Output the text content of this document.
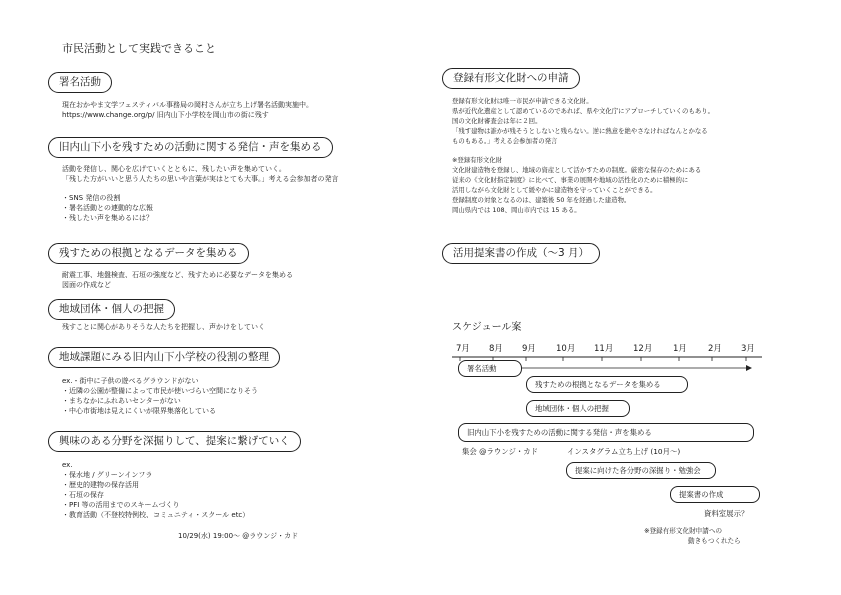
市民活動として実践できること
署名活動
現在おかやま文学フェスティバル事務局の岡村さんが立ち上げ署名活動実施中。
https://www.change.org/p/ 旧内山下小学校を岡山市の街に残す
旧内山下小を残すための活動に関する発信・声を集める
活動を発信し、関心を広げていくとともに、残したい声を集めていく。
「残した方がいいと思う人たちの思いや言葉が実はとても大事。」考える会参加者の発言
・SNS 発信の役割
・署名活動との連動的な広報
・残したい声を集めるには？
残すための根拠となるデータを集める
耐震工事、地盤検査、石垣の強度など、残すために必要なデータを集める
図面の作成など
地域団体・個人の把握
残すことに関心がありそうな人たちを把握し、声かけをしていく
地域課題にみる旧内山下小学校の役割の整理
ex.・街中に子供の遊べるグラウンドがない
・近隣の公園が整備によって市民が使いづらい空間になりそう
・まちなかにふれあいセンターがない
・中心市街地は見えにくいが限界集落化している
興味のある分野を深掘りして、提案に繋げていく
ex.
・保水地 / グリーンインフラ
・歴史的建物の保存活用
・石垣の保存
・PFI 等の活用までのスキームづくり
・教育活動（不登校特例校、コミュニティ・スクール etc）
10/29(水) 19:00～ @ラウンジ・カド
登録有形文化財への申請
登録有形文化財は唯一市民が申請できる文化財。
県が近代化遺産として認めているのであれば、県や文化庁にアプローチしていくのもあり。
国の文化財審査会は年に２回。
「残す建物は誰かが残そうとしないと残らない。逆に熱意を絶やさなければなんとかなる
ものもある。」考える会参加者の発言
※登録有形文化財
文化財建造物を登録し、地域の資産として活かすための制度。厳密な保存のためにある
従来の《文化財指定制度》に比べて、事業の展開や地域の活性化のために積極的に
活用しながら文化財として緩やかに建造物を守っていくことができる。
登録制度の対象となるのは、建築後 50 年を経過した建造物。
岡山県内では 108、岡山市内では 15 ある。
活用提案書の作成（～3 月）
スケジュール案
7月 8月 9月 10月 11月 12月 1月 2月 3月
署名活動
残すための根拠となるデータを集める
地域団体・個人の把握
旧内山下小を残すための活動に関する発信・声を集める
集会 @ラウンジ・カド	インスタグラム立ち上げ (10月～)
提案に向けた各分野の深掘り・勉強会
提案書の作成
資料室展示？
※登録有形文化財申請への
動きもつくれたら
